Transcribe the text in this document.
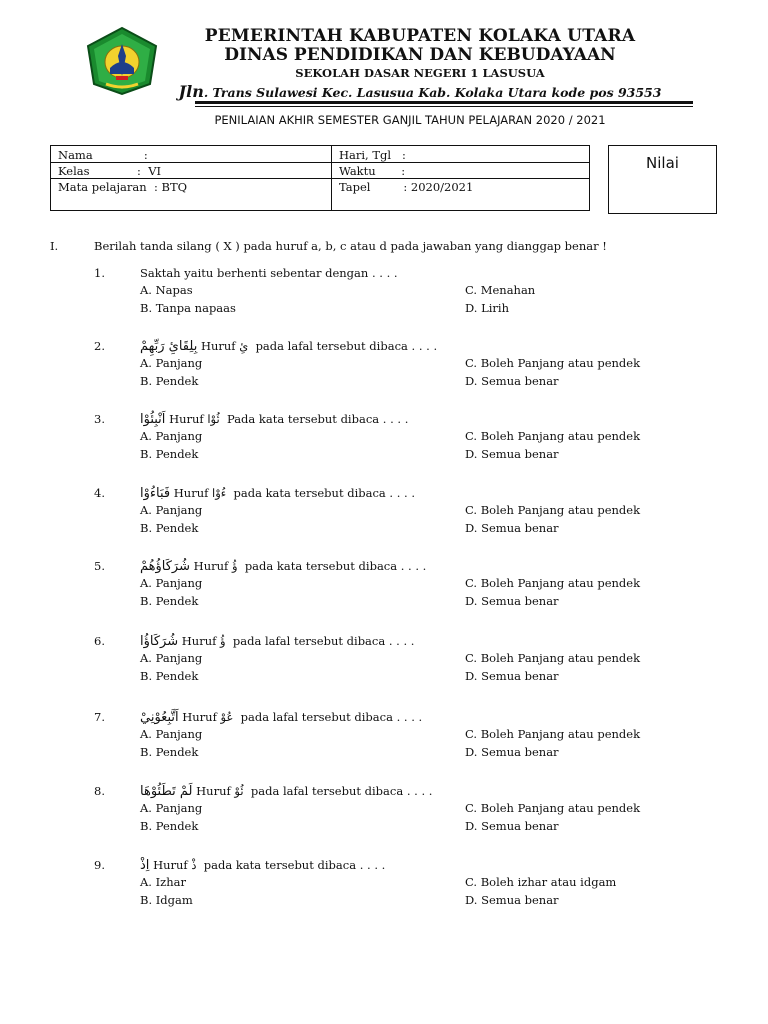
PEMERINTAH KABUPATEN KOLAKA UTARA
DINAS PENDIDIKAN DAN KEBUDAYAAN
SEKOLAH DASAR NEGERI 1 LASUSUA
Jln. Trans Sulawesi Kec. Lasusua Kab. Kolaka Utara kode pos 93553
PENILAIAN AKHIR SEMESTER GANJIL TAHUN PELAJARAN 2020 / 2021
Nama              :
Kelas             :  VI
Mata pelajaran  : BTQ
Hari, Tgl   :
Waktu       :
Tapel         : 2020/2021
Nilai
I.	Berilah tanda silang ( X ) pada huruf a, b, c atau d pada jawaban yang dianggap benar !
1.	Saktah yaitu berhenti sebentar dengan . . . .
A. Napas
B. Tanpa napaas
C. Menahan
D. Lirih
2.	بِلِقَائِ رَبِّهِمْ Huruf ئِ pada lafal tersebut dibaca . . . .
A. Panjang
B. Pendek
C. Boleh Panjang atau pendek
D. Semua benar
3.	اَنْبِئُوْا Huruf ئُوْا Pada kata tersebut dibaca . . . .
A. Panjang
B. Pendek
C. Boleh Panjang atau pendek
D. Semua benar
4.	فَبَاءُوْا Huruf ءُوْا pada kata tersebut dibaca . . . .
A. Panjang
B. Pendek
C. Boleh Panjang atau pendek
D. Semua benar
5.	شُرَكَاؤُهُمْ Huruf ؤُ pada kata tersebut dibaca . . . .
A. Panjang
B. Pendek
C. Boleh Panjang atau pendek
D. Semua benar
6.	شُرَكَاؤُا Huruf ؤُ pada lafal tersebut dibaca . . . .
A. Panjang
B. Pendek
C. Boleh Panjang atau pendek
D. Semua benar
7.	اَتَّبِعُوْنِيْ Huruf عُوْ pada lafal tersebut dibaca . . . .
A. Panjang
B. Pendek
C. Boleh Panjang atau pendek
D. Semua benar
8.	لَمْ تَطَئُوْهَا Huruf ئُوْ pada lafal tersebut dibaca . . . .
A. Panjang
B. Pendek
C. Boleh Panjang atau pendek
D. Semua benar
9.	اِذْ Huruf ذْ pada kata tersebut dibaca . . . .
A. Izhar
B. Idgam
C. Boleh izhar atau idgam
D. Semua benar
